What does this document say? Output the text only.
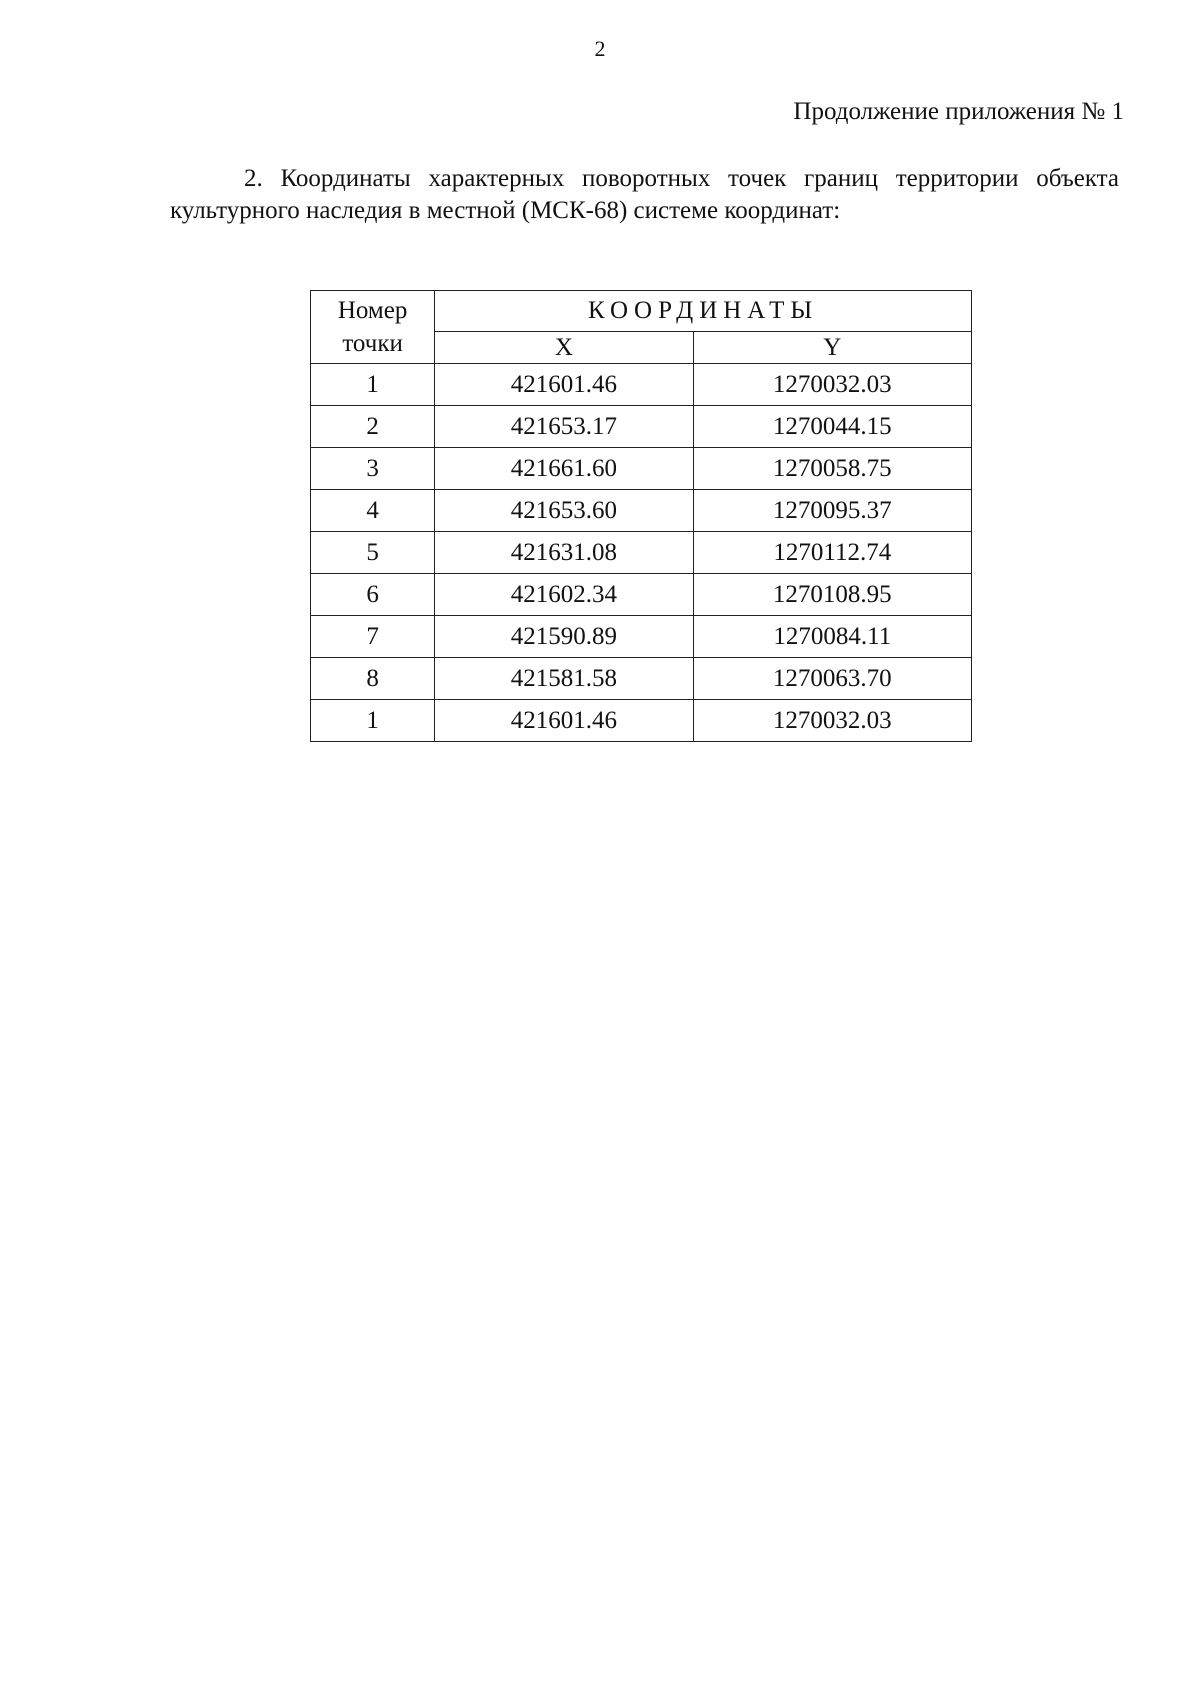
2
Продолжение приложения № 1
2. Координаты характерных поворотных точек границ территории объекта культурного наследия в местной (МСК-68) системе координат:
Номер точки	КООРДИНАТЫ	
	X	Y
1	421601.46	1270032.03
2	421653.17	1270044.15
3	421661.60	1270058.75
4	421653.60	1270095.37
5	421631.08	1270112.74
6	421602.34	1270108.95
7	421590.89	1270084.11
8	421581.58	1270063.70
1	421601.46	1270032.03
